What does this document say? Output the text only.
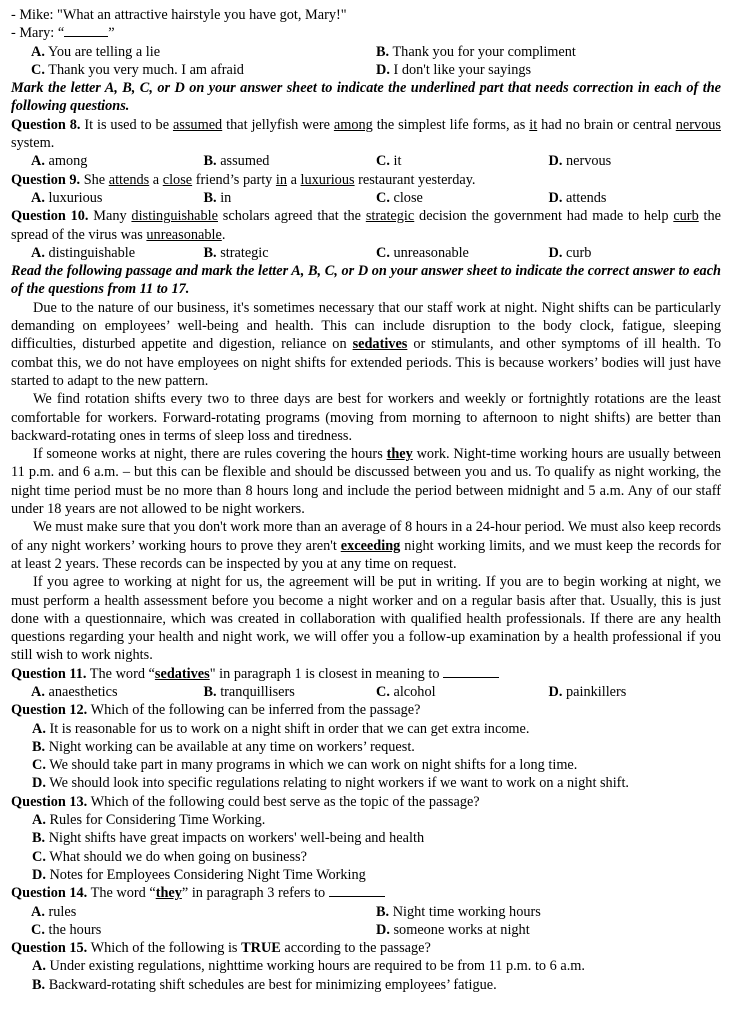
- Mike: "What an attractive hairstyle you have got, Mary!"
- Mary: “	”
A. You are telling a lie	B. Thank you for your compliment
C. Thank you very much. I am afraid	D. I don't like your sayings
Mark the letter A, B, C, or D on your answer sheet to indicate the underlined part that needs correction in each of the following questions.
Question 8. It is used to be assumed that jellyfish were among the simplest life forms, as it had no brain or central nervous system.
A. among	B. assumed	C. it	D. nervous
Question 9. She attends a close friend’s party in a luxurious restaurant yesterday.
A. luxurious	B. in	C. close	D. attends
Question 10. Many distinguishable scholars agreed that the strategic decision the government had made to help curb the spread of the virus was unreasonable.
A. distinguishable	B. strategic	C. unreasonable	D. curb
Read the following passage and mark the letter A, B, C, or D on your answer sheet to indicate the correct answer to each of the questions from 11 to 17.
Due to the nature of our business, it's sometimes necessary that our staff work at night. Night shifts can be particularly demanding on employees’ well-being and health. This can include disruption to the body clock, fatigue, sleeping difficulties, disturbed appetite and digestion, reliance on sedatives or stimulants, and other symptoms of ill health. To combat this, we do not have employees on night shifts for extended periods. This is because workers’ bodies will just have started to adapt to the new pattern.
We find rotation shifts every two to three days are best for workers and weekly or fortnightly rotations are the least comfortable for workers. Forward-rotating programs (moving from morning to afternoon to night shifts) are better than backward-rotating ones in terms of sleep loss and tiredness.
If someone works at night, there are rules covering the hours they work. Night-time working hours are usually between 11 p.m. and 6 a.m. – but this can be flexible and should be discussed between you and us. To qualify as night working, the night time period must be no more than 8 hours long and include the period between midnight and 5 a.m. Any of our staff under 18 years are not allowed to be night workers.
We must make sure that you don't work more than an average of 8 hours in a 24-hour period. We must also keep records of any night workers’ working hours to prove they aren't exceeding night working limits, and we must keep the records for at least 2 years. These records can be inspected by you at any time on request.
If you agree to working at night for us, the agreement will be put in writing. If you are to begin working at night, we must perform a health assessment before you become a night worker and on a regular basis after that. Usually, this is just done with a questionnaire, which was created in collaboration with qualified health professionals. If there are any health questions regarding your health and night work, we will offer you a follow-up examination by a health professional if you still wish to work nights.
Question 11. The word “sedatives" in paragraph 1 is closest in meaning to
A. anaesthetics	B. tranquillisers	C. alcohol	D. painkillers
Question 12. Which of the following can be inferred from the passage?
A. It is reasonable for us to work on a night shift in order that we can get extra income.
B. Night working can be available at any time on workers’ request.
C. We should take part in many programs in which we can work on night shifts for a long time.
D. We should look into specific regulations relating to night workers if we want to work on a night shift.
Question 13. Which of the following could best serve as the topic of the passage?
A. Rules for Considering Time Working.
B. Night shifts have great impacts on workers' well-being and health
C. What should we do when going on business?
D. Notes for Employees Considering Night Time Working
Question 14. The word “they” in paragraph 3 refers to
A. rules	B. Night time working hours
C. the hours	D. someone works at night
Question 15. Which of the following is TRUE according to the passage?
A. Under existing regulations, nighttime working hours are required to be from 11 p.m. to 6 a.m.
B. Backward-rotating shift schedules are best for minimizing employees’ fatigue.
